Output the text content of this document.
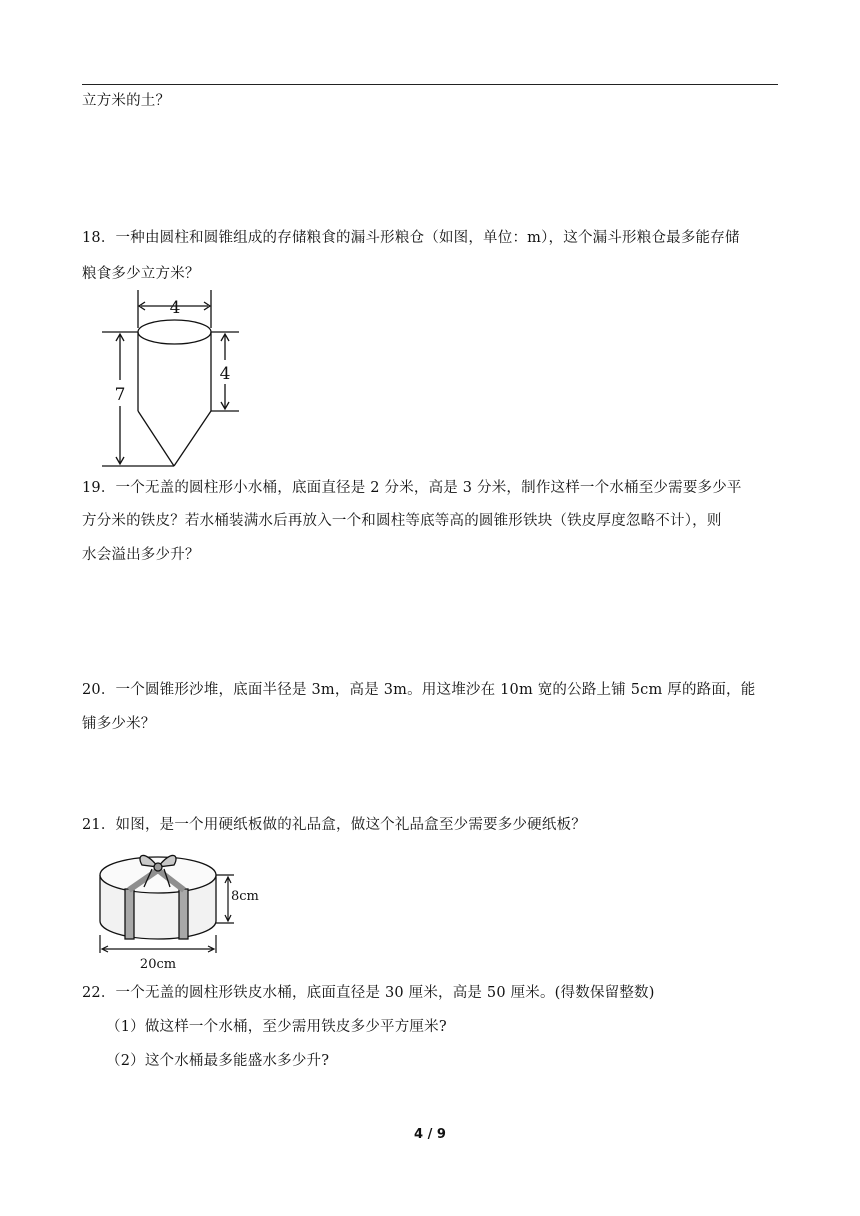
立方米的土？
18．一种由圆柱和圆锥组成的存储粮食的漏斗形粮仓（如图，单位：m），这个漏斗形粮仓最多能存储
粮食多少立方米？
4
7
4
19．一个无盖的圆柱形小水桶，底面直径是 2 分米，高是 3 分米，制作这样一个水桶至少需要多少平
方分米的铁皮？若水桶装满水后再放入一个和圆柱等底等高的圆锥形铁块（铁皮厚度忽略不计），则
水会溢出多少升？
20．一个圆锥形沙堆，底面半径是 3m，高是 3m。用这堆沙在 10m 宽的公路上铺 5cm 厚的路面，能
铺多少米？
21．如图，是一个用硬纸板做的礼品盒，做这个礼品盒至少需要多少硬纸板？
8cm
20cm
22．一个无盖的圆柱形铁皮水桶，底面直径是 30 厘米，高是 50 厘米。(得数保留整数)
（1）做这样一个水桶，至少需用铁皮多少平方厘米?
（2）这个水桶最多能盛水多少升?
4 / 9
